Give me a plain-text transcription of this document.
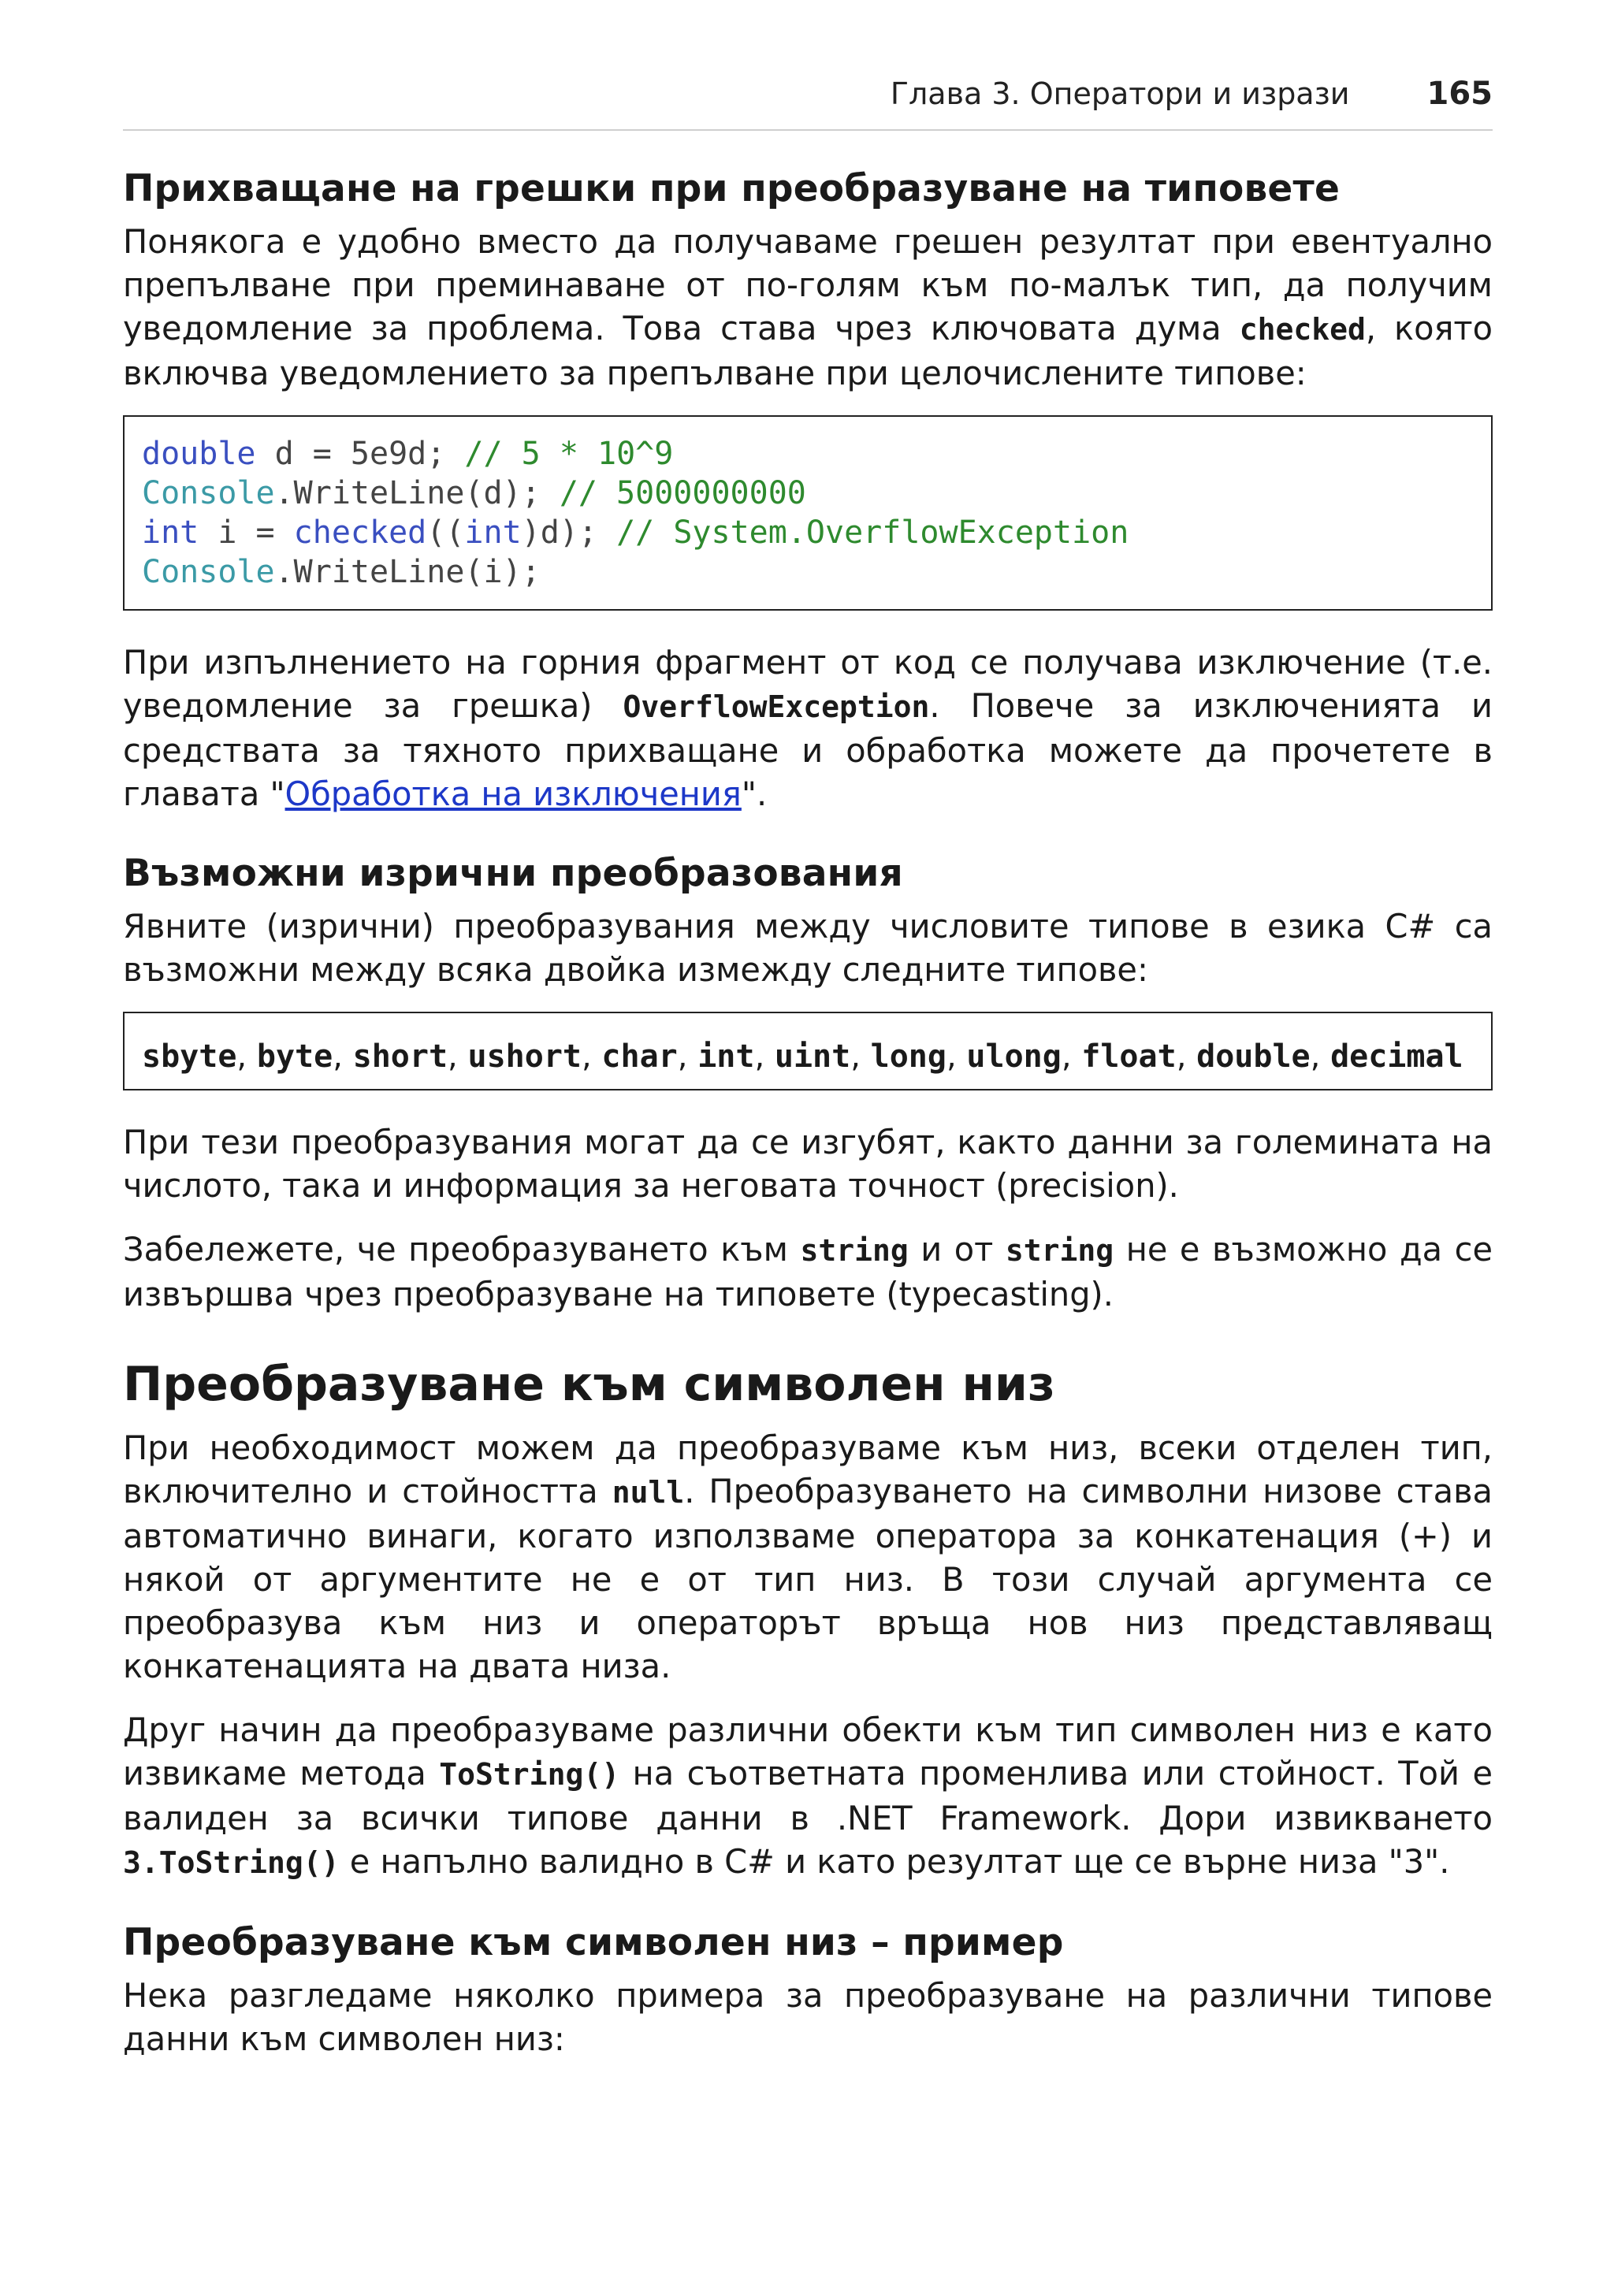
Глава 3. Оператори и изрази 165
Прихващане на грешки при преобразуване на типовете

Понякога е удобно вместо да получаваме грешен резултат при евентуално препълване при преминаване от по-голям към по-малък тип, да получим уведомление за проблема. Това става чрез ключовата дума checked, която включва уведомлението за препълване при целочислените типове:

double d = 5e9d; // 5 * 10^9
Console.WriteLine(d); // 5000000000
int i = checked((int)d); // System.OverflowException
Console.WriteLine(i);

При изпълнението на горния фрагмент от код се получава изключение (т.е. уведомление за грешка) OverflowException. Повече за изключенията и средствата за тяхното прихващане и обработка можете да прочетете в главата "Обработка на изключения".

Възможни изрични преобразования

Явните (изрични) преобразувания между числовите типове в езика C# са възможни между всяка двойка измежду следните типове:

sbyte, byte, short, ushort, char, int, uint, long, ulong, float, double, decimal

При тези преобразувания могат да се изгубят, както данни за големината на числото, така и информация за неговата точност (precision).

Забележете, че преобразуването към string и от string не е възможно да се извършва чрез преобразуване на типовете (typecasting).

Преобразуване към символен низ

При необходимост можем да преобразуваме към низ, всеки отделен тип, включително и стойността null. Преобразуването на символни низове става автоматично винаги, когато използваме оператора за конкатенация (+) и някой от аргументите не е от тип низ. В този случай аргумента се преобразува към низ и операторът връща нов низ представляващ конкатенацията на двата низа.

Друг начин да преобразуваме различни обекти към тип символен низ е като извикаме метода ToString() на съответната променлива или стойност. Той е валиден за всички типове данни в .NET Framework. Дори извикването 3.ToString() е напълно валидно в C# и като резултат ще се върне низа "3".

Преобразуване към символен низ – пример

Нека разгледаме няколко примера за преобразуване на различни типове данни към символен низ:
